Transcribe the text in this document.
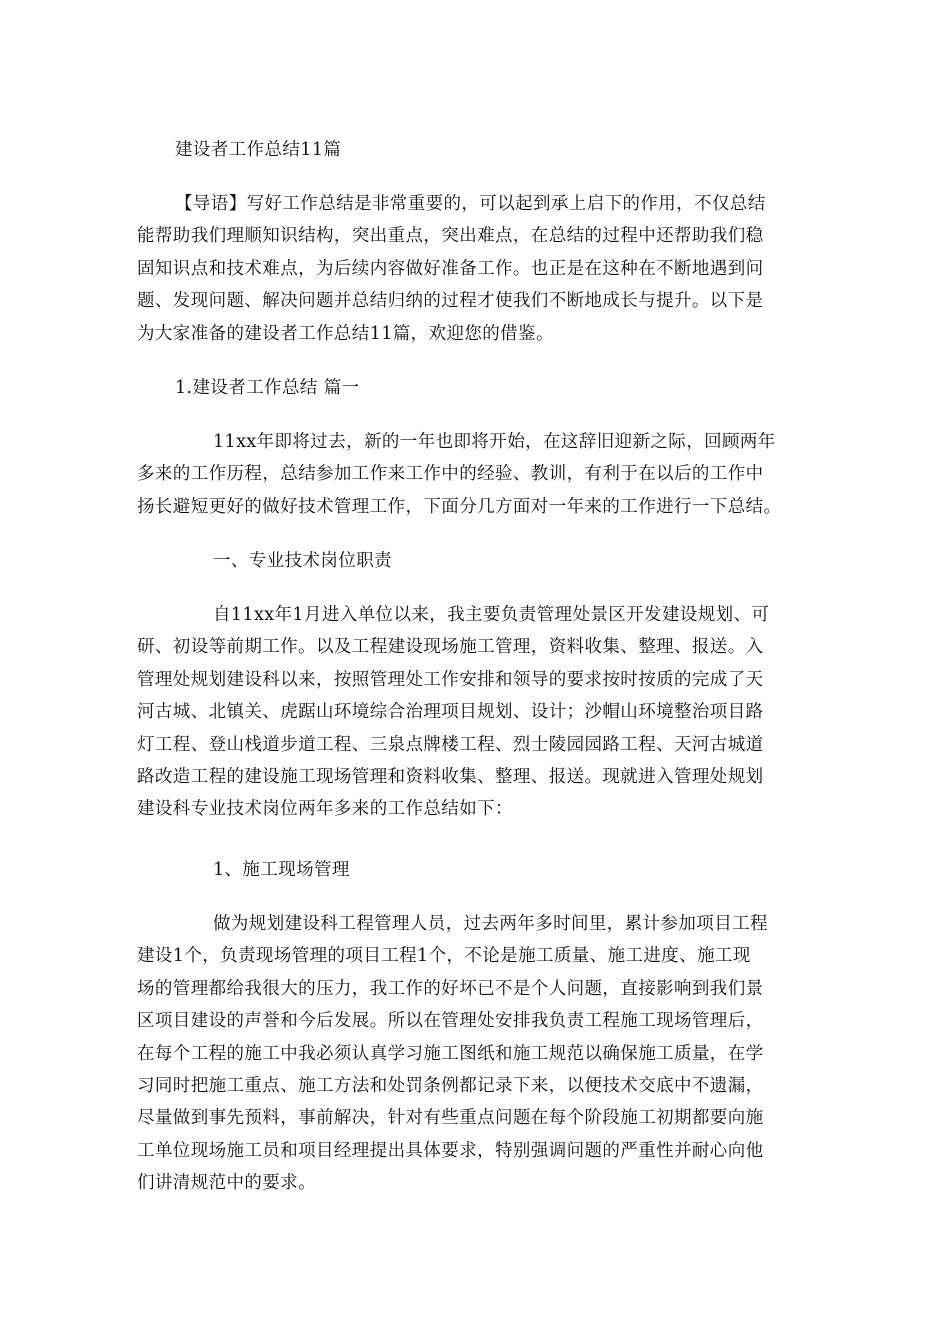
建设者工作总结11篇
【导语】写好工作总结是非常重要的，可以起到承上启下的作用，不仅总结
能帮助我们理顺知识结构，突出重点，突出难点，在总结的过程中还帮助我们稳
固知识点和技术难点，为后续内容做好准备工作。也正是在这种在不断地遇到问
题、发现问题、解决问题并总结归纳的过程才使我们不断地成长与提升。以下是
为大家准备的建设者工作总结11篇，欢迎您的借鉴。
1.建设者工作总结 篇一
11xx年即将过去，新的一年也即将开始，在这辞旧迎新之际，回顾两年
多来的工作历程，总结参加工作来工作中的经验、教训，有利于在以后的工作中
扬长避短更好的做好技术管理工作，下面分几方面对一年来的工作进行一下总结。
一、专业技术岗位职责
自11xx年1月进入单位以来，我主要负责管理处景区开发建设规划、可
研、初设等前期工作。以及工程建设现场施工管理，资料收集、整理、报送。入
管理处规划建设科以来，按照管理处工作安排和领导的要求按时按质的完成了天
河古城、北镇关、虎踞山环境综合治理项目规划、设计；沙帽山环境整治项目路
灯工程、登山栈道步道工程、三泉点牌楼工程、烈士陵园园路工程、天河古城道
路改造工程的建设施工现场管理和资料收集、整理、报送。现就进入管理处规划
建设科专业技术岗位两年多来的工作总结如下：
1、施工现场管理
做为规划建设科工程管理人员，过去两年多时间里，累计参加项目工程
建设1个，负责现场管理的项目工程1个，不论是施工质量、施工进度、施工现
场的管理都给我很大的压力，我工作的好坏已不是个人问题，直接影响到我们景
区项目建设的声誉和今后发展。所以在管理处安排我负责工程施工现场管理后，
在每个工程的施工中我必须认真学习施工图纸和施工规范以确保施工质量，在学
习同时把施工重点、施工方法和处罚条例都记录下来，以便技术交底中不遗漏，
尽量做到事先预料，事前解决，针对有些重点问题在每个阶段施工初期都要向施
工单位现场施工员和项目经理提出具体要求，特别强调问题的严重性并耐心向他
们讲清规范中的要求。
